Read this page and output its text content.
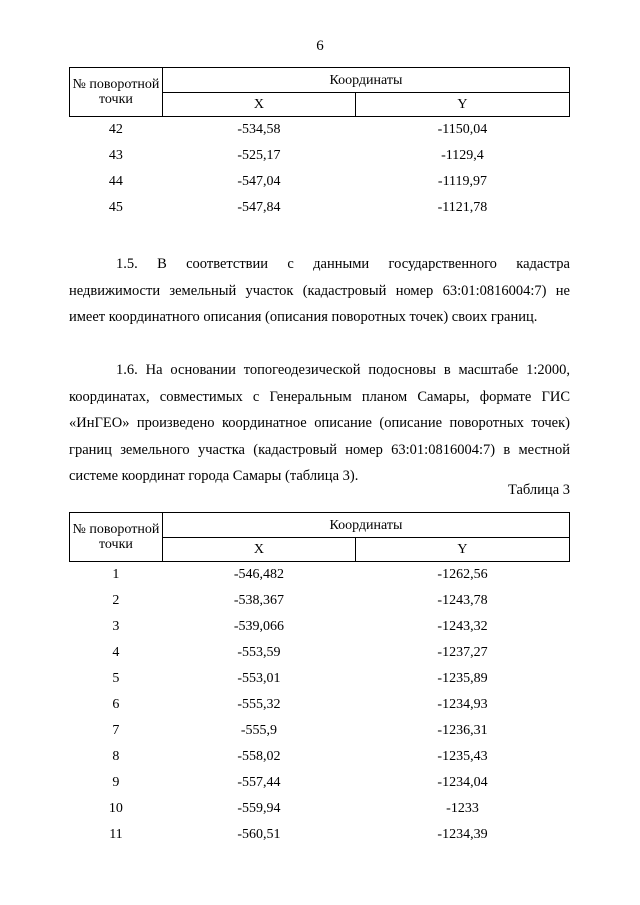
6
№ поворотной точки	Координаты	
	X	Y
42	-534,58	-1150,04
43	-525,17	-1129,4
44	-547,04	-1119,97
45	-547,84	-1121,78

1.5. В соответствии с данными государственного кадастра недвижимости земельный участок (кадастровый номер 63:01:0816004:7) не имеет координатного описания (описания поворотных точек) своих границ.

1.6. На основании топогеодезической подосновы в масштабе 1:2000, координатах, совместимых с Генеральным планом Самары, формате ГИС «ИнГЕО» произведено координатное описание (описание поворотных точек) границ земельного участка (кадастровый номер 63:01:0816004:7) в местной системе координат города Самары (таблица 3).

Таблица 3
№ поворотной точки	Координаты	
	X	Y
1	-546,482	-1262,56
2	-538,367	-1243,78
3	-539,066	-1243,32
4	-553,59	-1237,27
5	-553,01	-1235,89
6	-555,32	-1234,93
7	-555,9	-1236,31
8	-558,02	-1235,43
9	-557,44	-1234,04
10	-559,94	-1233
11	-560,51	-1234,39
